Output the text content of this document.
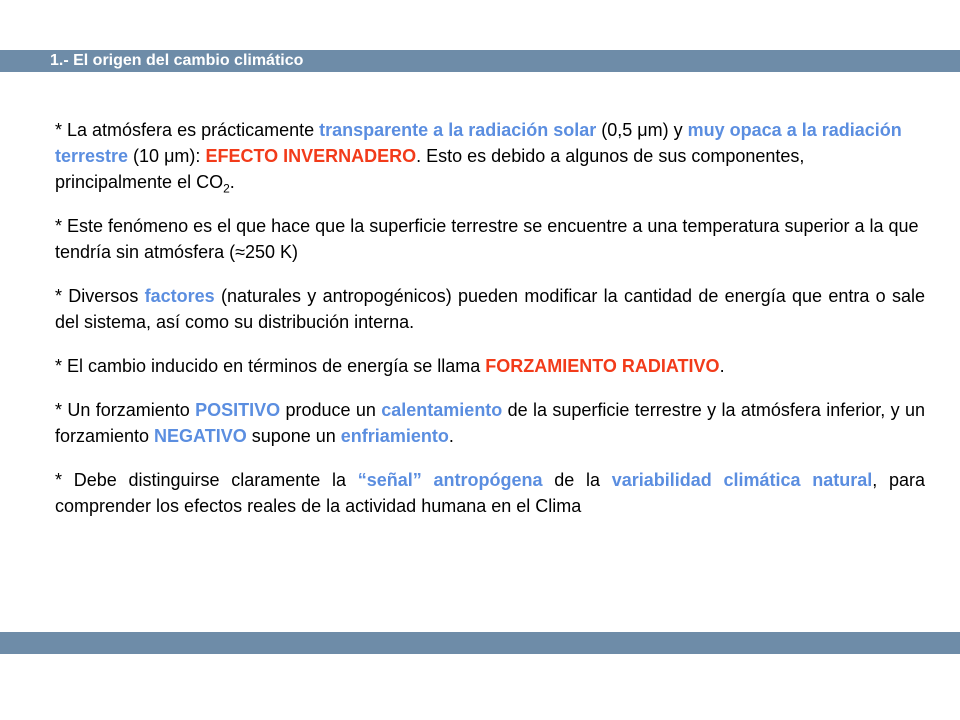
1.- El origen del cambio climático

* La atmósfera es prácticamente transparente a la radiación solar (0,5 μm) y muy opaca a la radiación terrestre (10 μm): EFECTO INVERNADERO. Esto es debido a algunos de sus componentes, principalmente el $CO_2$.

* Este fenómeno es el que hace que la superficie terrestre se encuentre a una temperatura superior a la que tendría sin atmósfera (≈250 K)

* Diversos factores (naturales y antropogénicos) pueden modificar la cantidad de energía que entra o sale del sistema, así como su distribución interna.

* El cambio inducido en términos de energía se llama FORZAMIENTO RADIATIVO.

* Un forzamiento POSITIVO produce un calentamiento de la superficie terrestre y la atmósfera inferior, y un forzamiento NEGATIVO supone un enfriamiento.

* Debe distinguirse claramente la “señal” antropógena de la variabilidad climática natural, para comprender los efectos reales de la actividad humana en el Clima
